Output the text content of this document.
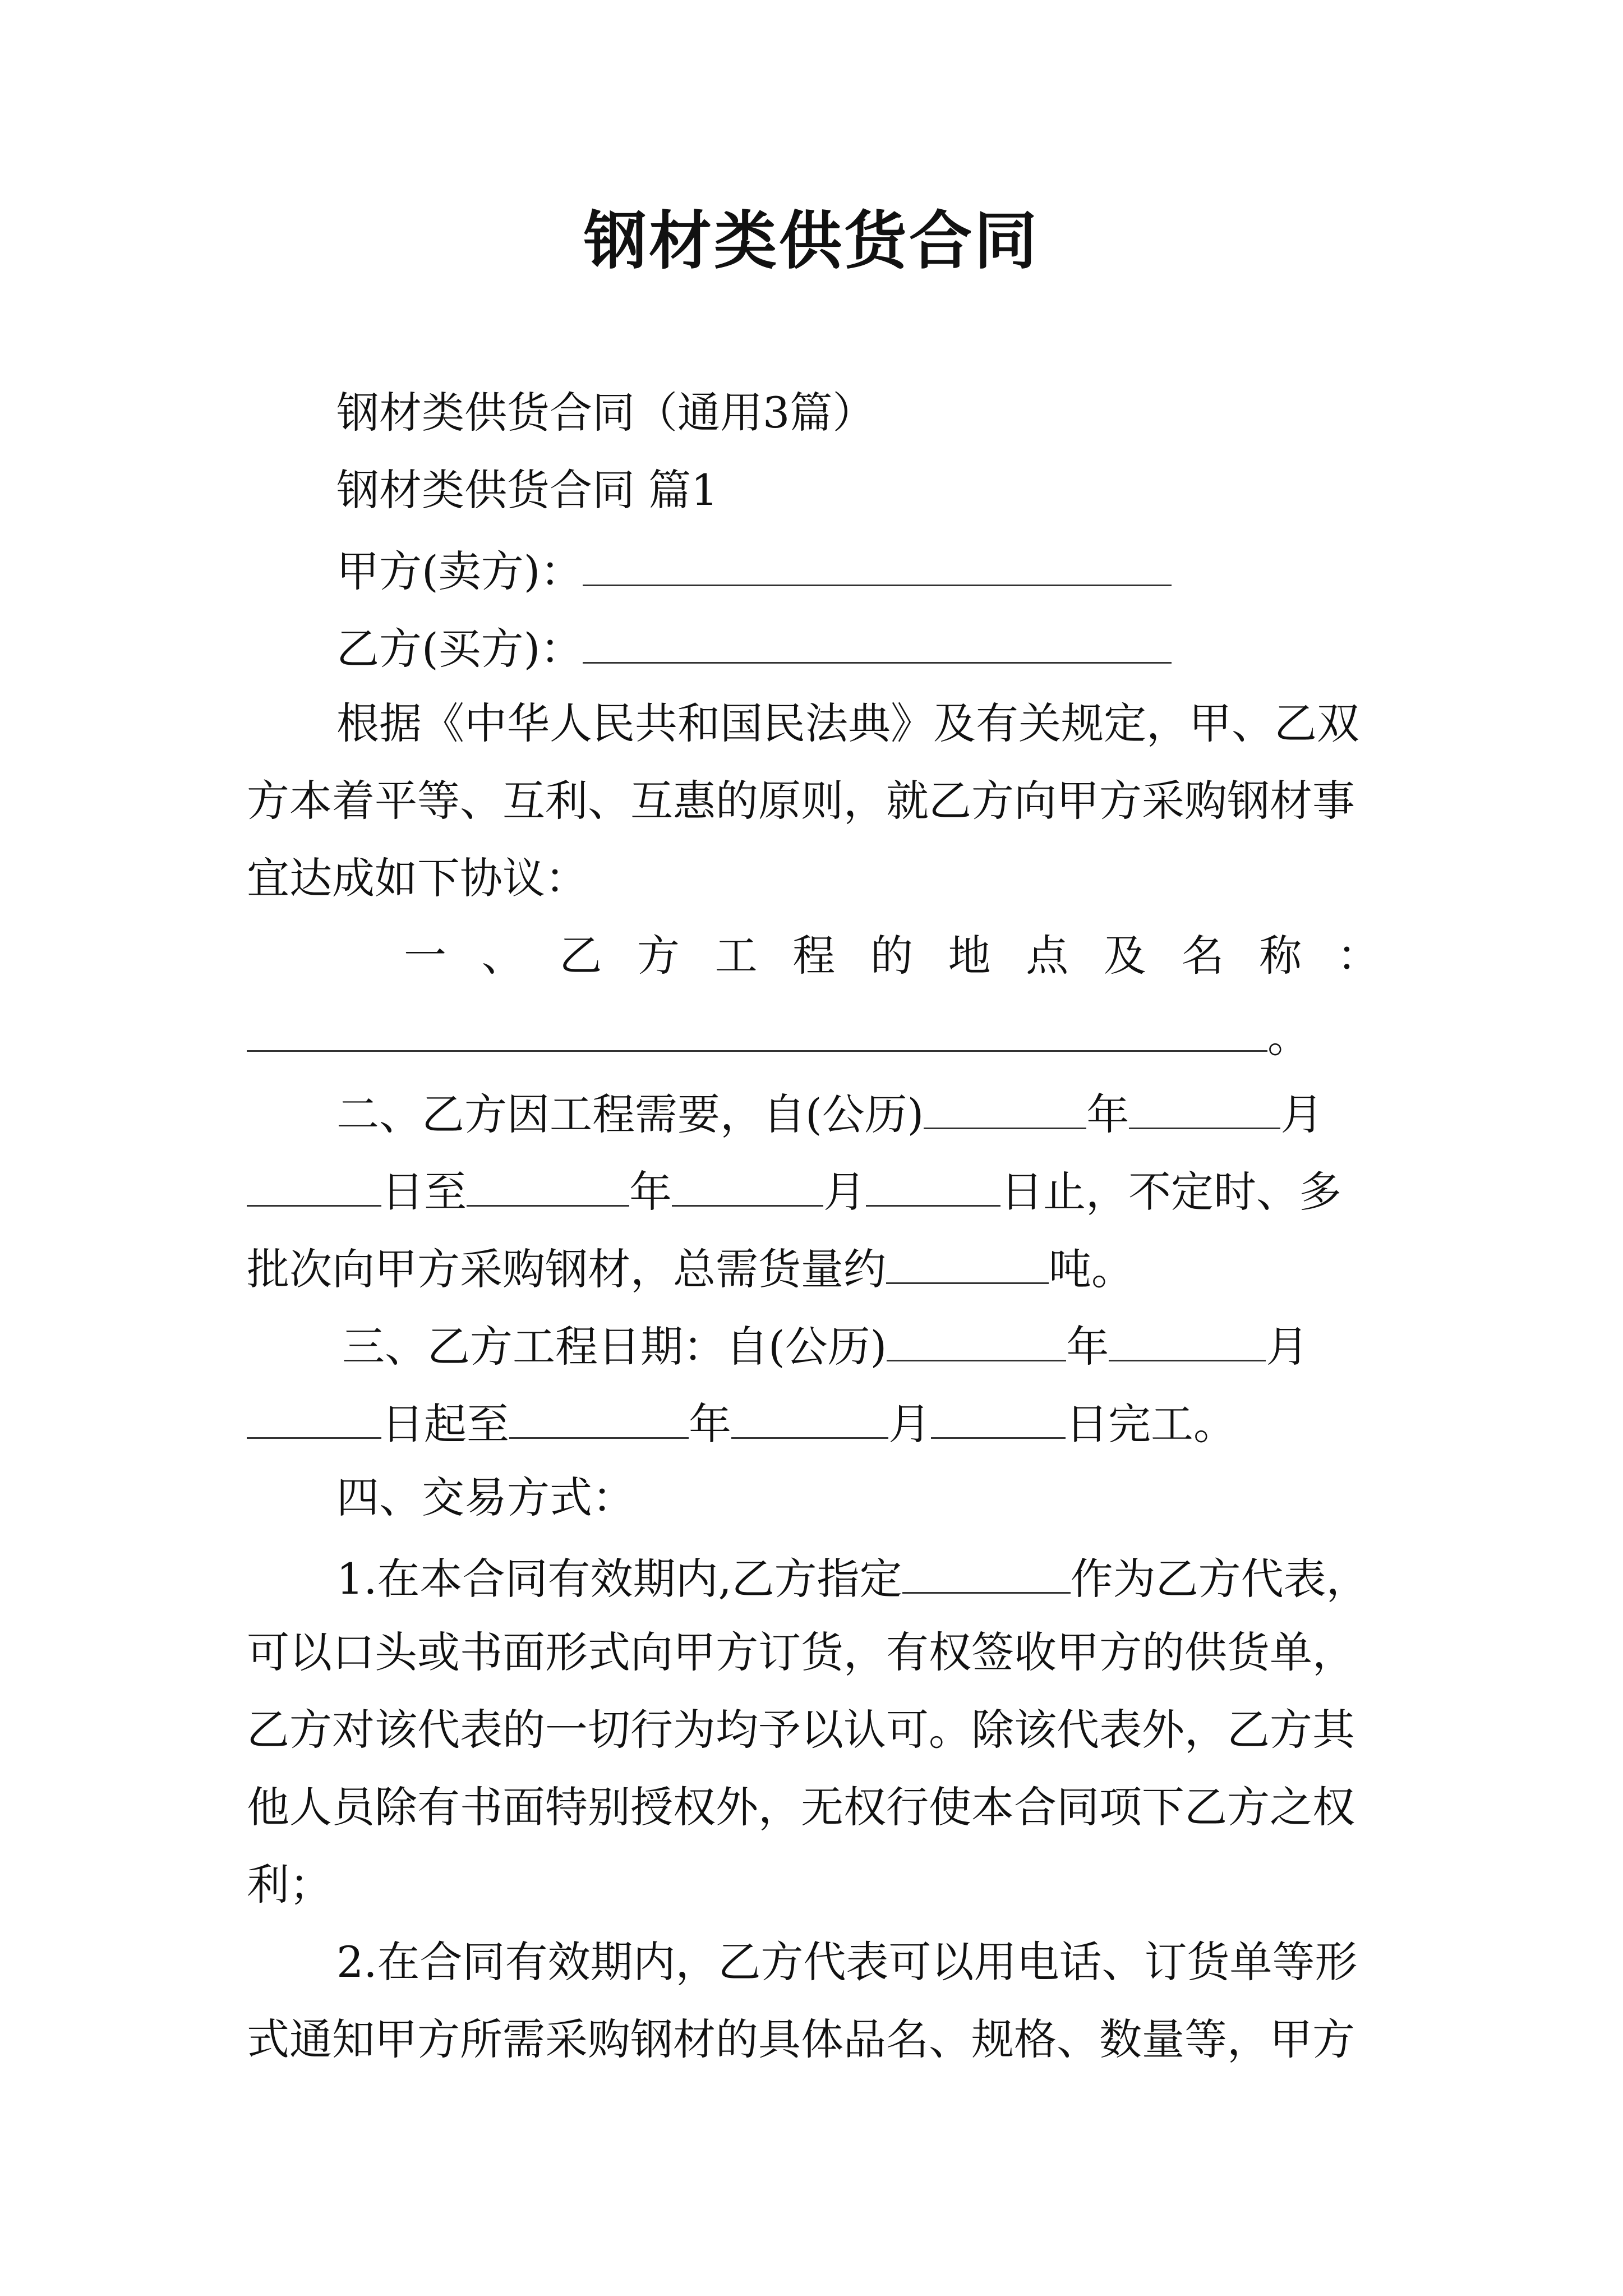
钢材类供货合同
钢材类供货合同（通用3篇）
钢材类供货合同 篇1
甲方(卖方)：
乙方(买方)：
根据《中华人民共和国民法典》及有关规定，甲、乙双
方本着平等、互利、互惠的原则，就乙方向甲方采购钢材事
宜达成如下协议：
一 、 乙 方 工 程 的 地 点 及 名 称 ：
。
二、乙方因工程需要，自(公历)	年	月
日至	年	月	日止，不定时、多
批次向甲方采购钢材，总需货量约	吨。
三、乙方工程日期：自(公历)	年	月
日起至	年	月	日完工。
四、交易方式：
1.在本合同有效期内,乙方指定	作为乙方代表，
可以口头或书面形式向甲方订货，有权签收甲方的供货单，
乙方对该代表的一切行为均予以认可。除该代表外，乙方其
他人员除有书面特别授权外，无权行使本合同项下乙方之权
利；
2.在合同有效期内，乙方代表可以用电话、订货单等形
式通知甲方所需采购钢材的具体品名、规格、数量等，甲方
